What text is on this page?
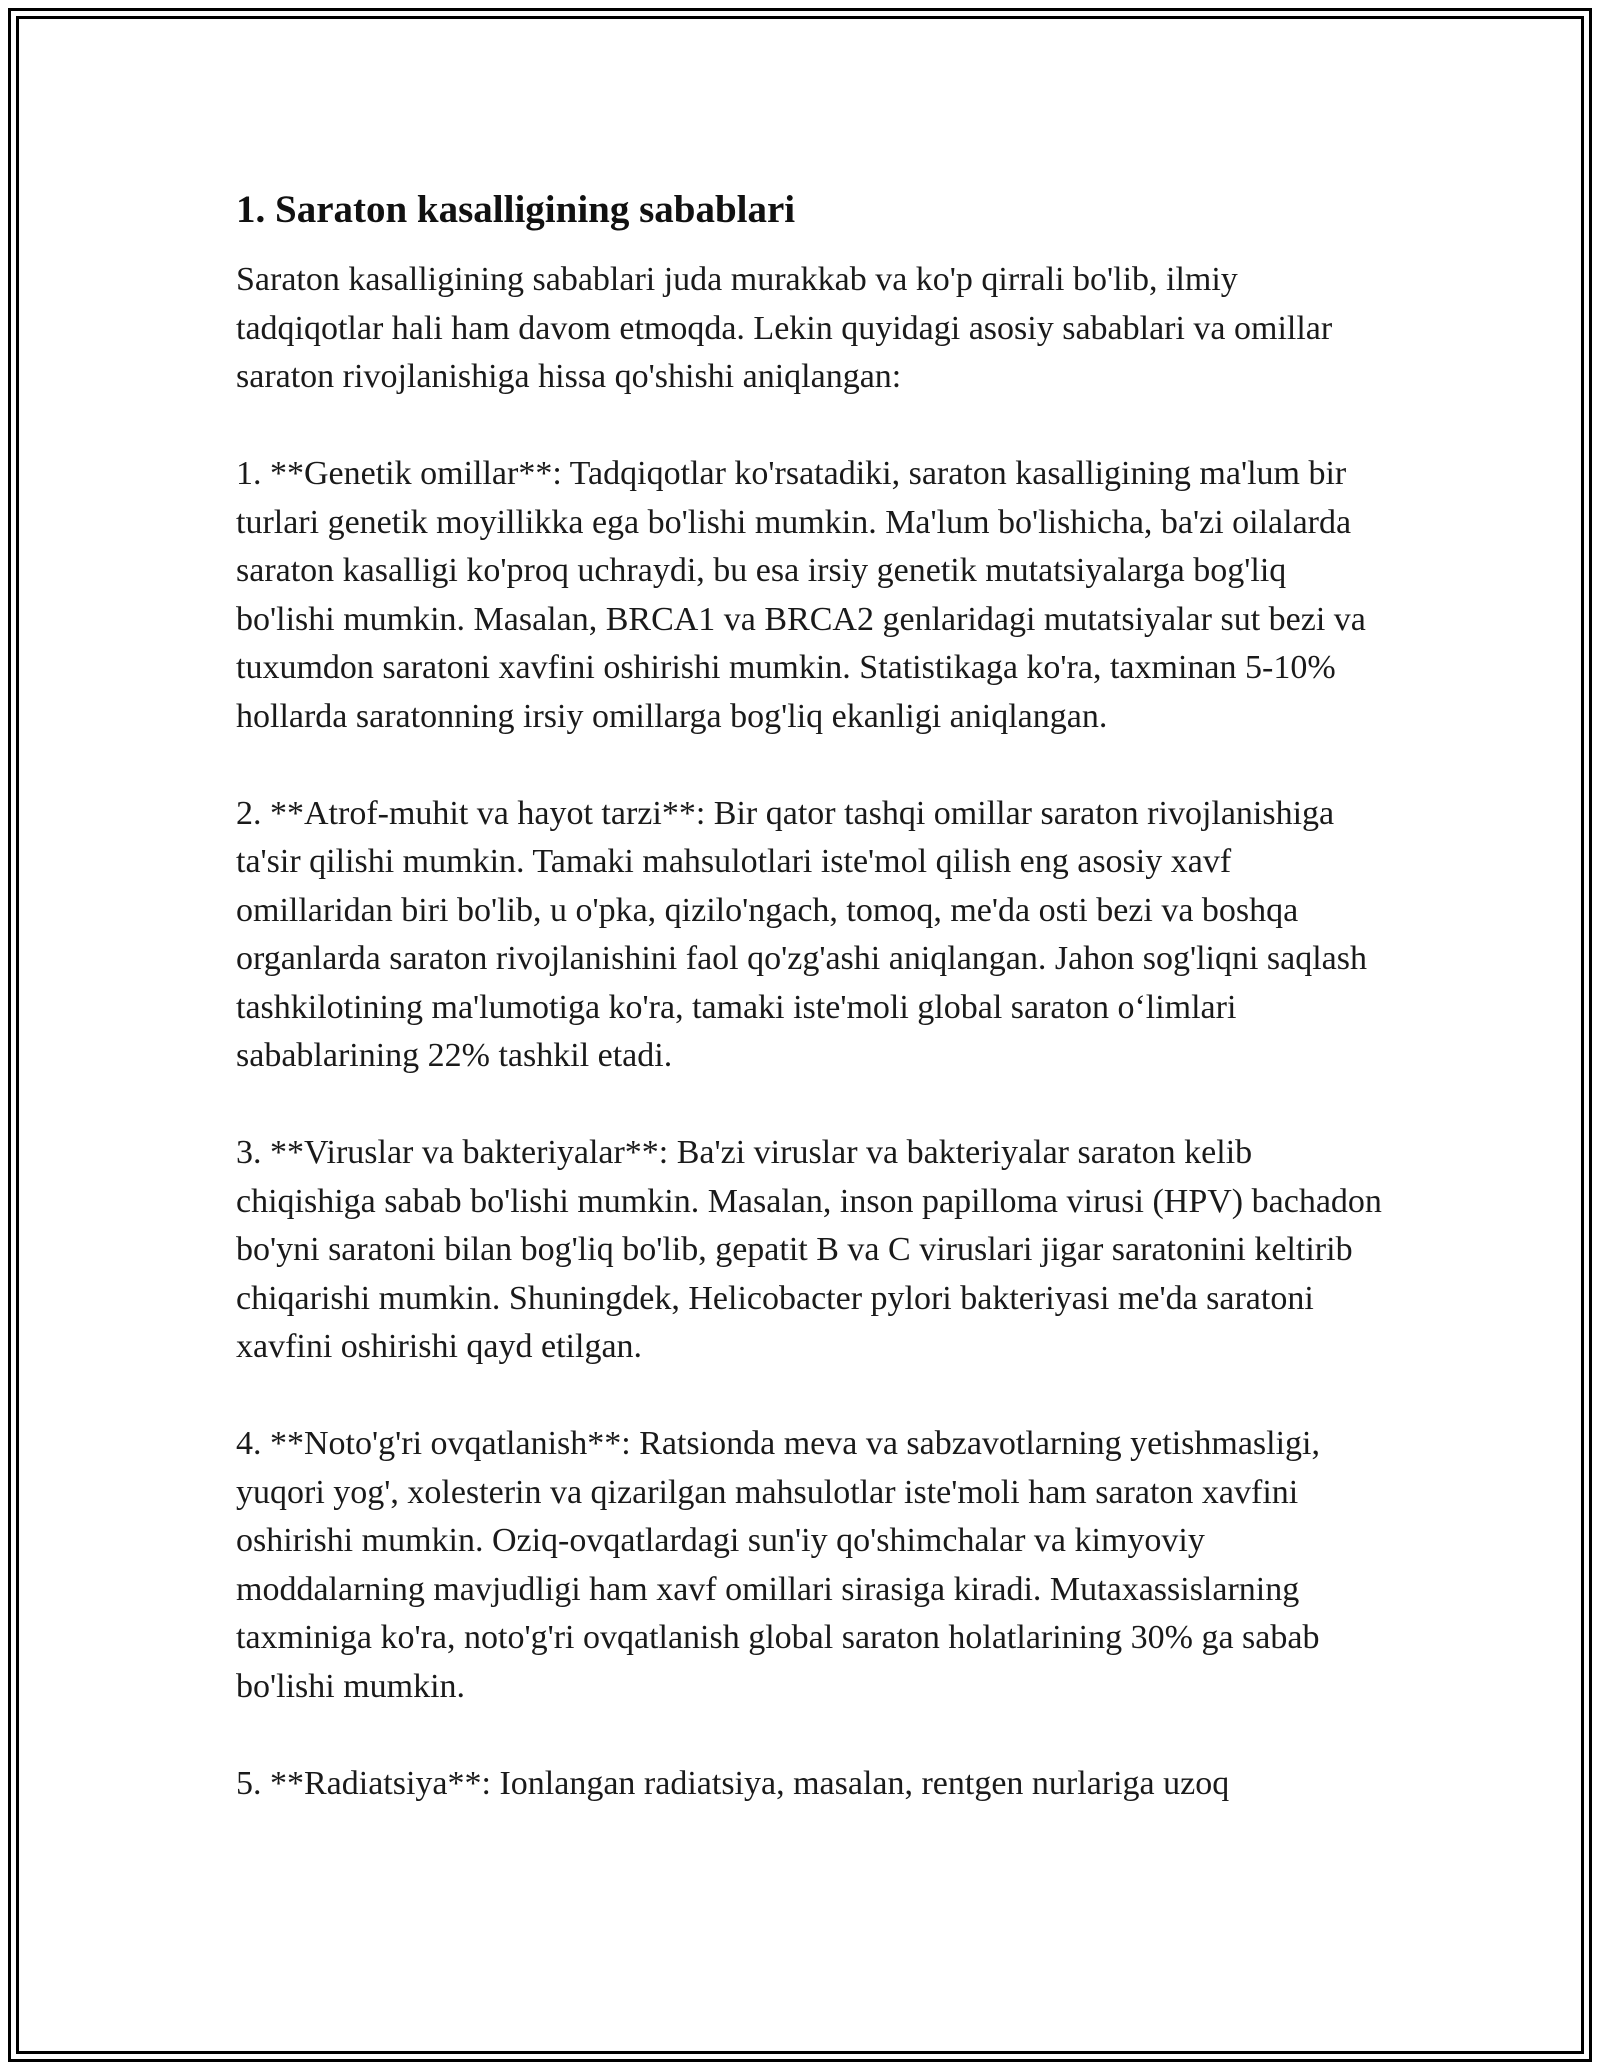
1. Saraton kasalligining sabablari

Saraton kasalligining sabablari juda murakkab va ko'p qirrali bo'lib, ilmiy tadqiqotlar hali ham davom etmoqda. Lekin quyidagi asosiy sabablari va omillar saraton rivojlanishiga hissa qo'shishi aniqlangan:

1. **Genetik omillar**: Tadqiqotlar ko'rsatadiki, saraton kasalligining ma'lum bir turlari genetik moyillikka ega bo'lishi mumkin. Ma'lum bo'lishicha, ba'zi oilalarda saraton kasalligi ko'proq uchraydi, bu esa irsiy genetik mutatsiyalarga bog'liq bo'lishi mumkin. Masalan, BRCA1 va BRCA2 genlaridagi mutatsiyalar sut bezi va tuxumdon saratoni xavfini oshirishi mumkin. Statistikaga ko'ra, taxminan 5-10% hollarda saratonning irsiy omillarga bog'liq ekanligi aniqlangan.

2. **Atrof-muhit va hayot tarzi**: Bir qator tashqi omillar saraton rivojlanishiga ta'sir qilishi mumkin. Tamaki mahsulotlari iste'mol qilish eng asosiy xavf omillaridan biri bo'lib, u o'pka, qizilo'ngach, tomoq, me'da osti bezi va boshqa organlarda saraton rivojlanishini faol qo'zg'ashi aniqlangan. Jahon sog'liqni saqlash tashkilotining ma'lumotiga ko'ra, tamaki iste'moli global saraton o‘limlari sabablarining 22% tashkil etadi.

3. **Viruslar va bakteriyalar**: Ba'zi viruslar va bakteriyalar saraton kelib chiqishiga sabab bo'lishi mumkin. Masalan, inson papilloma virusi (HPV) bachadon bo'yni saratoni bilan bog'liq bo'lib, gepatit B va C viruslari jigar saratonini keltirib chiqarishi mumkin. Shuningdek, Helicobacter pylori bakteriyasi me'da saratoni xavfini oshirishi qayd etilgan.

4. **Noto'g'ri ovqatlanish**: Ratsionda meva va sabzavotlarning yetishmasligi, yuqori yog', xolesterin va qizarilgan mahsulotlar iste'moli ham saraton xavfini oshirishi mumkin. Oziq-ovqatlardagi sun'iy qo'shimchalar va kimyoviy moddalarning mavjudligi ham xavf omillari sirasiga kiradi. Mutaxassislarning taxminiga ko'ra, noto'g'ri ovqatlanish global saraton holatlarining 30% ga sabab bo'lishi mumkin.

5. **Radiatsiya**: Ionlangan radiatsiya, masalan, rentgen nurlariga uzoq
